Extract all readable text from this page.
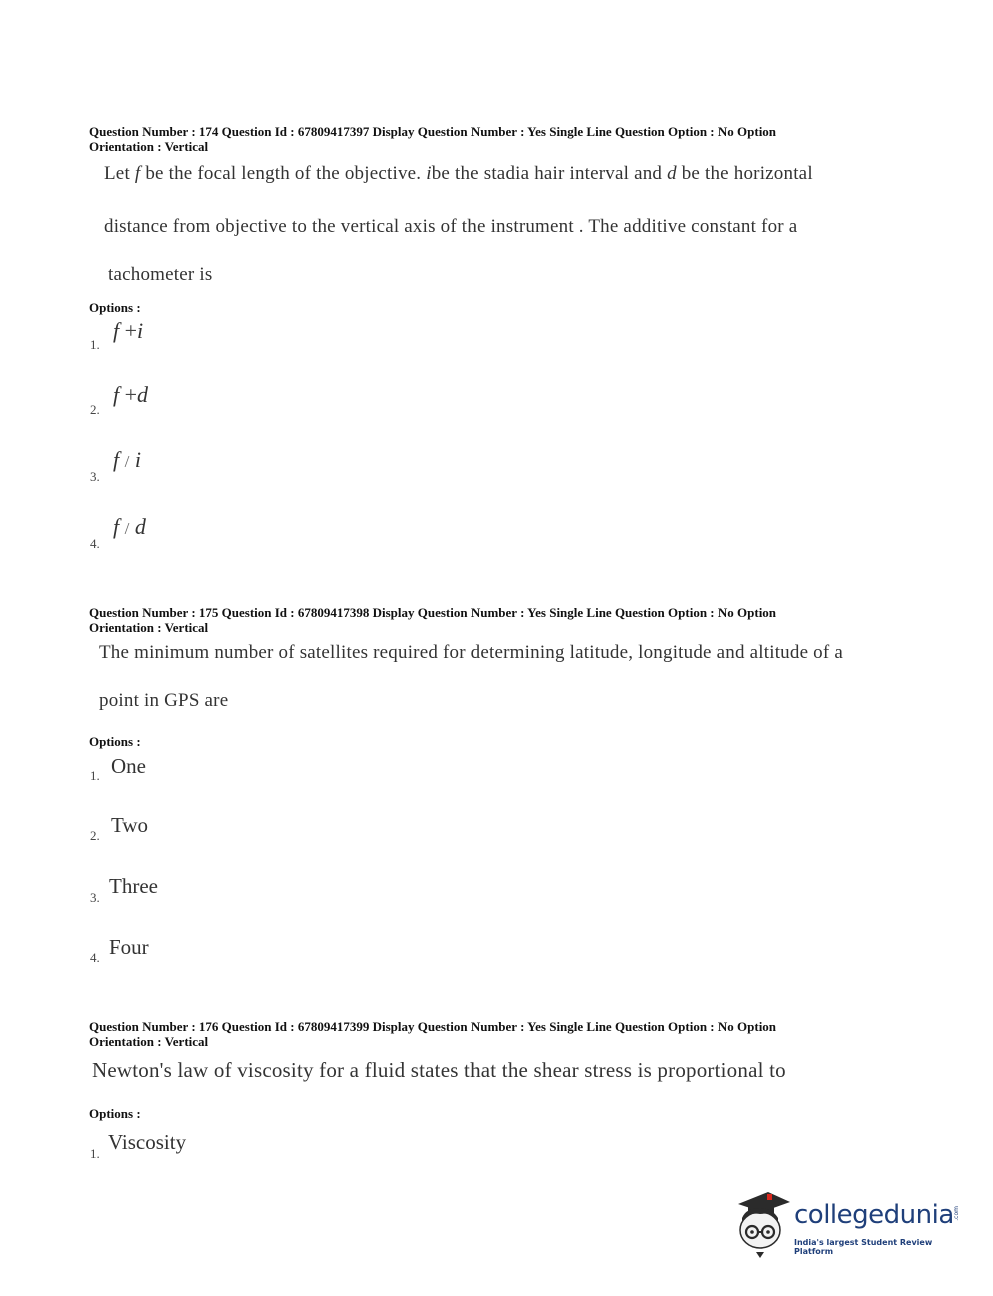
Question Number : 174 Question Id : 67809417397 Display Question Number : Yes Single Line Question Option : No Option
Orientation : Vertical
Let f be the focal length of the objective. ibe the stadia hair interval and d be the horizontal
distance from objective to the vertical axis of the instrument . The additive constant for a
tachometer is
Options :
1.
f +i
2.
f +d
3.
f / i
4.
f / d
Question Number : 175 Question Id : 67809417398 Display Question Number : Yes Single Line Question Option : No Option
Orientation : Vertical
The minimum number of satellites required for determining latitude, longitude and altitude of a
point in GPS are
Options :
1. One
2. Two
3. Three
4. Four
Question Number : 176 Question Id : 67809417399 Display Question Number : Yes Single Line Question Option : No Option
Orientation : Vertical
Newton's law of viscosity for a fluid states that the shear stress is proportional to
Options :
1. Viscosity
collegedunia .com
India's largest Student Review Platform
